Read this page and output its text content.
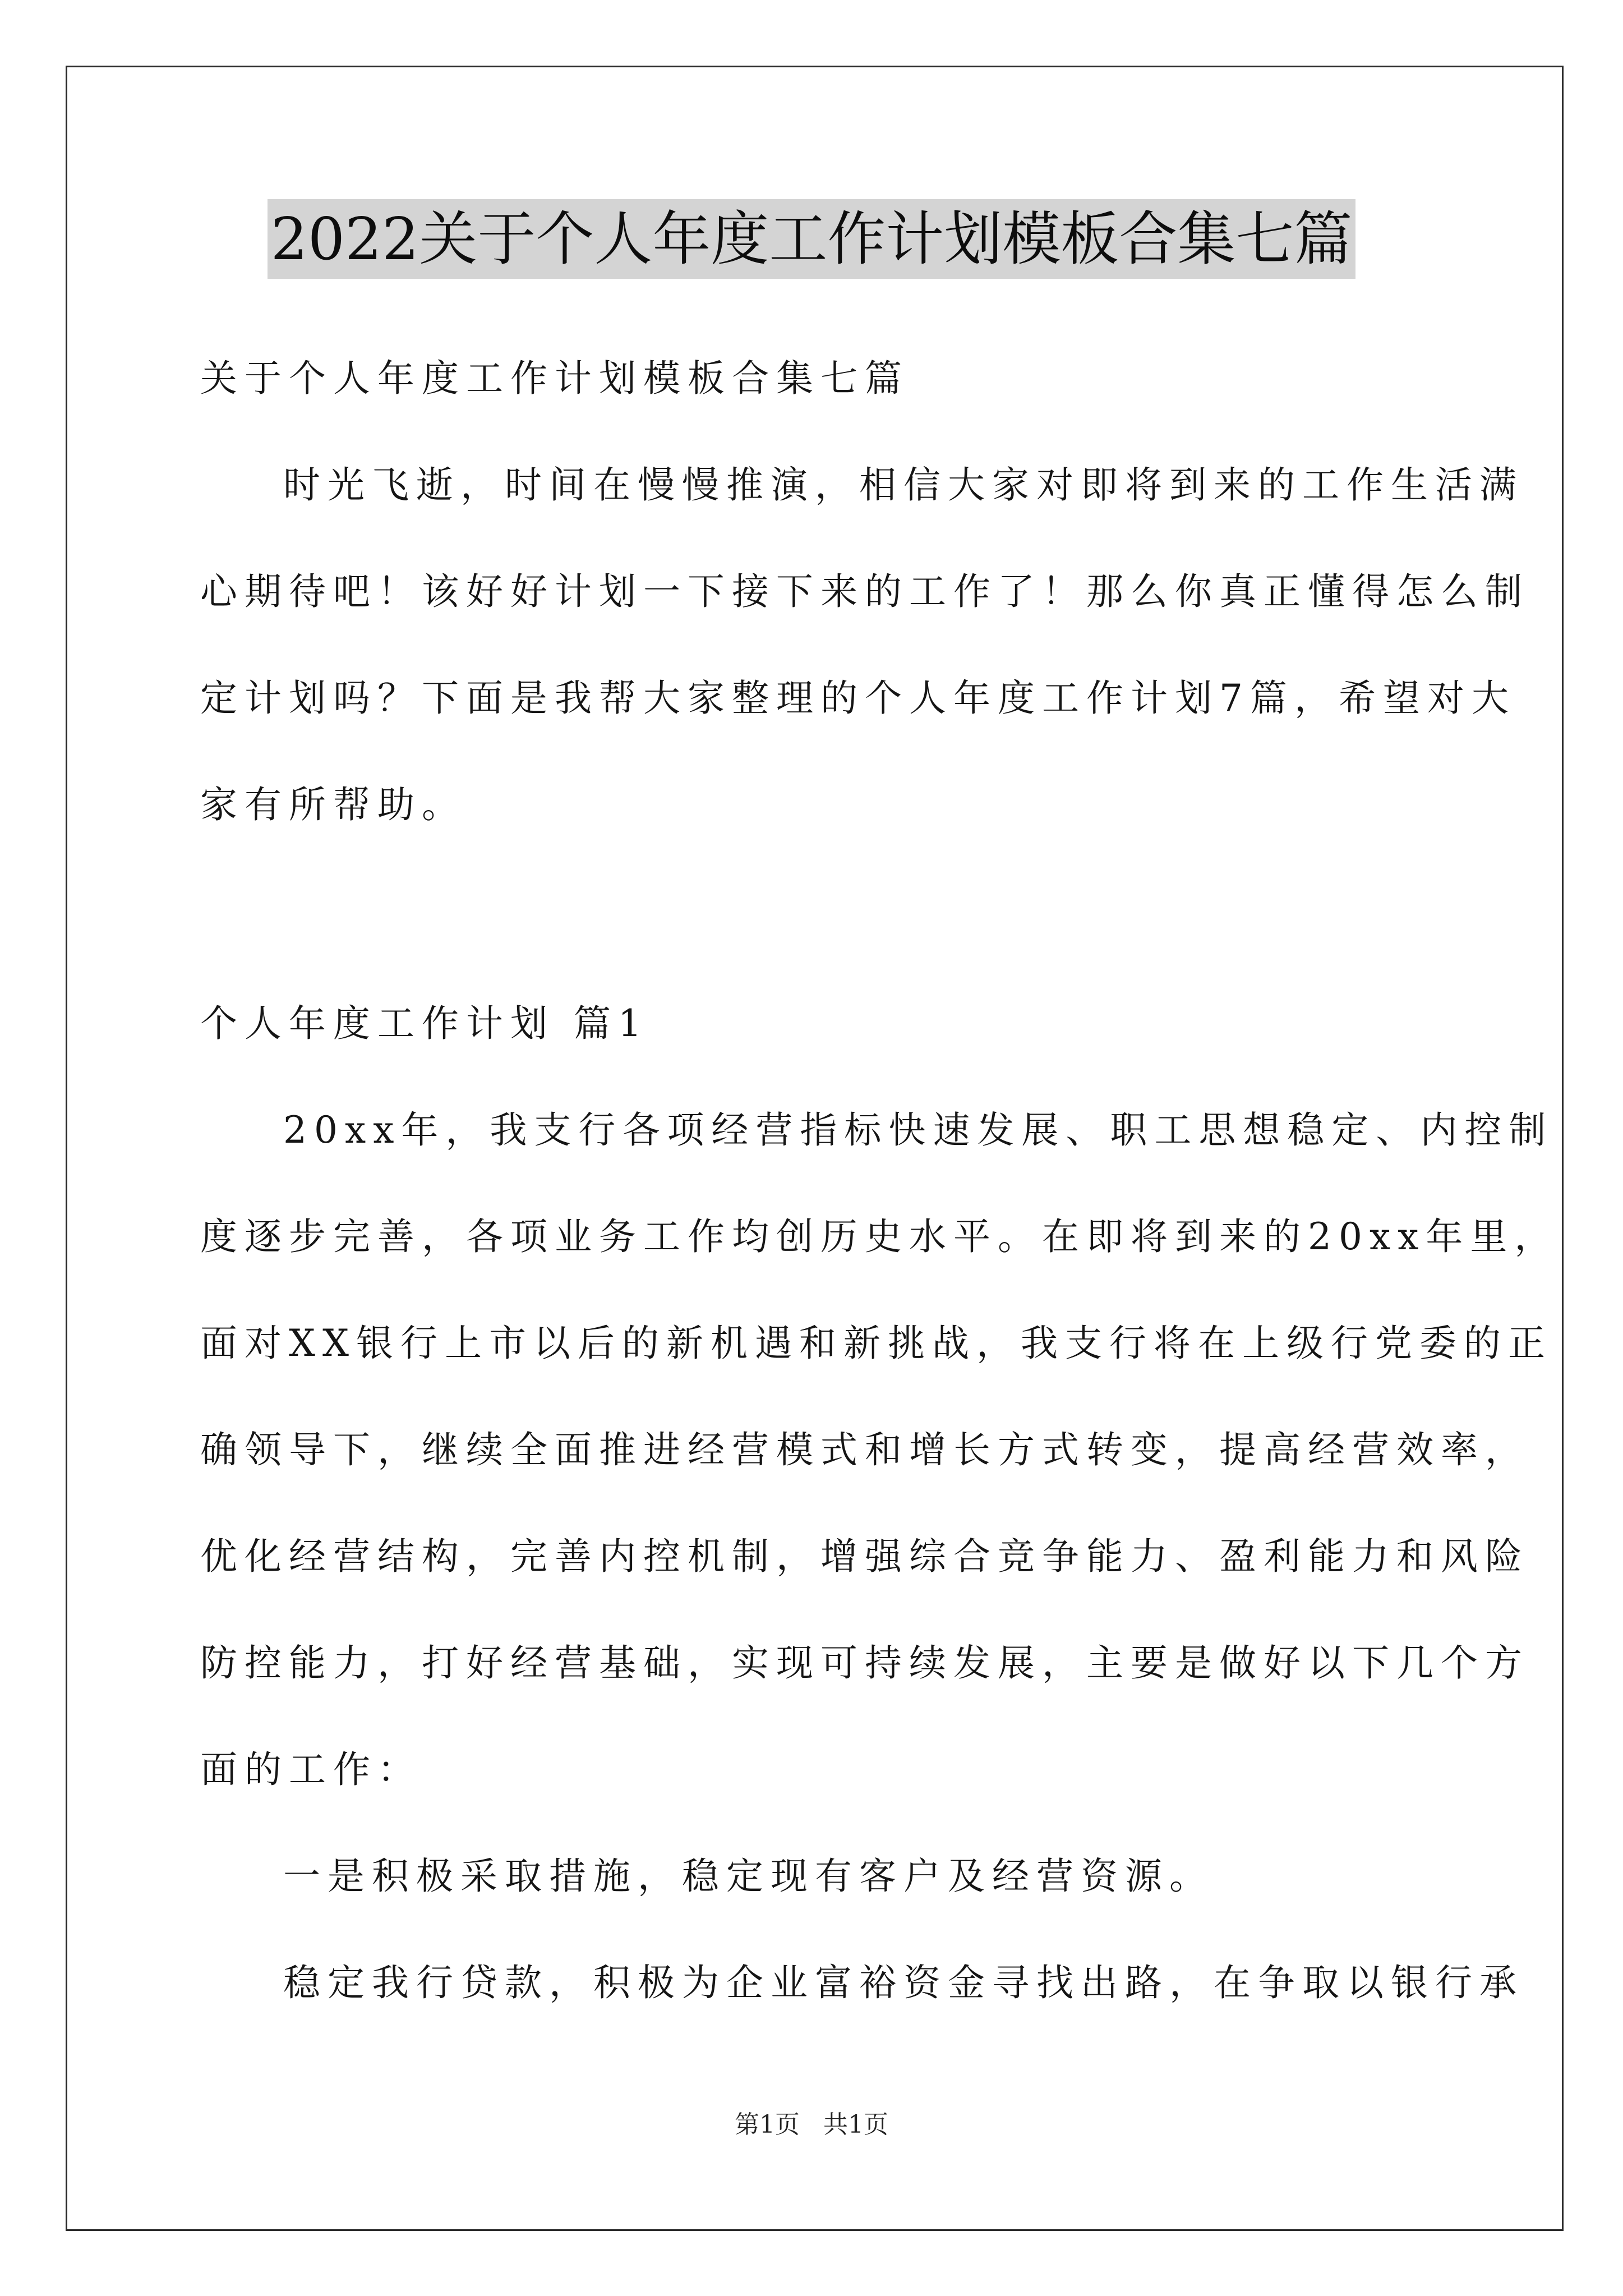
2022关于个人年度工作计划模板合集七篇
关于个人年度工作计划模板合集七篇
时光飞逝，时间在慢慢推演，相信大家对即将到来的工作生活满
心期待吧！该好好计划一下接下来的工作了！那么你真正懂得怎么制
定计划吗？下面是我帮大家整理的个人年度工作计划7篇，希望对大
家有所帮助。
个人年度工作计划 篇1
20xx年，我支行各项经营指标快速发展、职工思想稳定、内控制
度逐步完善，各项业务工作均创历史水平。在即将到来的20xx年里，
面对XX银行上市以后的新机遇和新挑战，我支行将在上级行党委的正
确领导下，继续全面推进经营模式和增长方式转变，提高经营效率，
优化经营结构，完善内控机制，增强综合竞争能力、盈利能力和风险
防控能力，打好经营基础，实现可持续发展，主要是做好以下几个方
面的工作：
一是积极采取措施，稳定现有客户及经营资源。
稳定我行贷款，积极为企业富裕资金寻找出路，在争取以银行承
第1页   共1页
